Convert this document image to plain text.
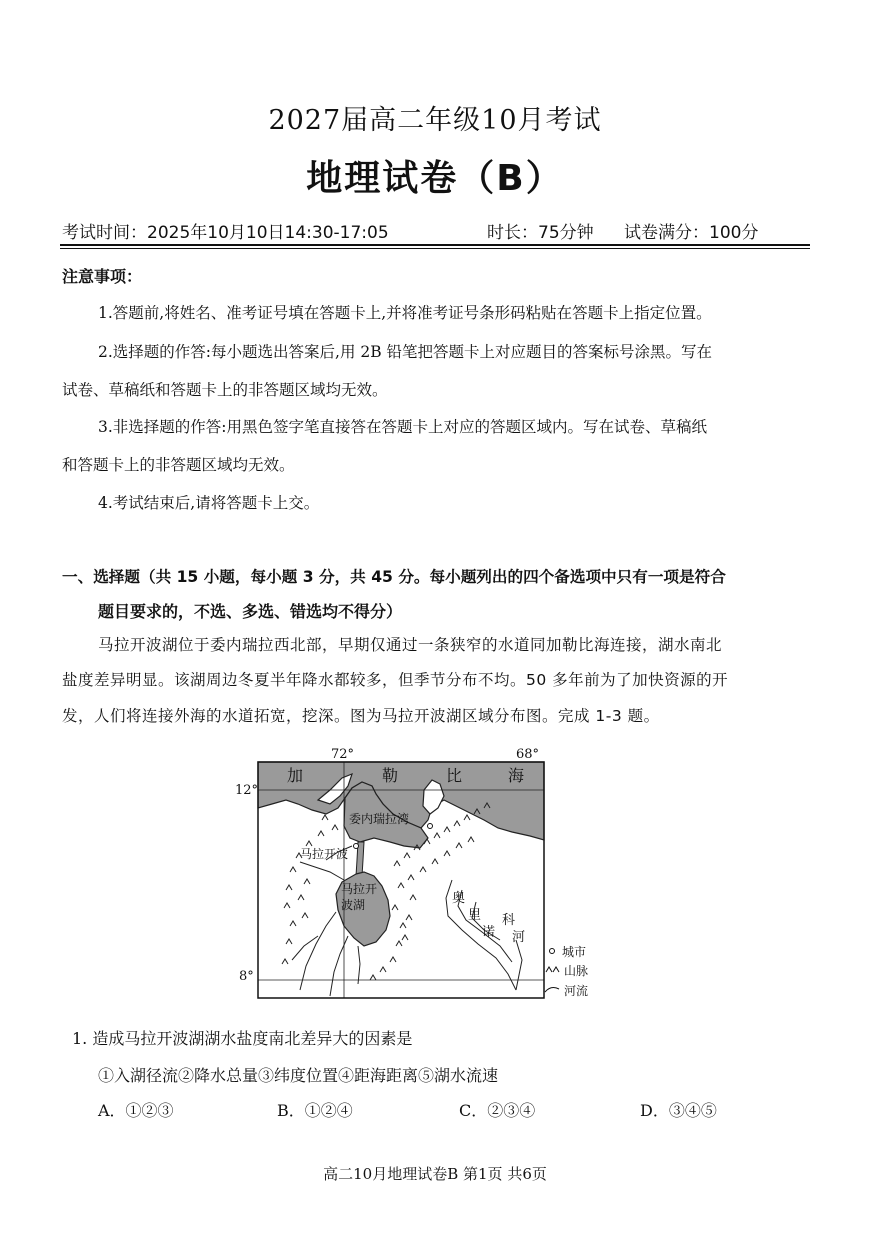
2027届高二年级10月考试
地理试卷（B）
考试时间：2025年10月10日14:30-17:05	时长：75分钟 试卷满分：100分
注意事项：
1.答题前,将姓名、准考证号填在答题卡上,并将准考证号条形码粘贴在答题卡上指定位置。
2.选择题的作答:每小题选出答案后,用 2B 铅笔把答题卡上对应题目的答案标号涂黑。写在
试卷、草稿纸和答题卡上的非答题区域均无效。
3.非选择题的作答:用黑色签字笔直接答在答题卡上对应的答题区域内。写在试卷、草稿纸
和答题卡上的非答题区域均无效。
4.考试结束后,请将答题卡上交。
一、选择题（共 15 小题，每小题 3 分，共 45 分。每小题列出的四个备选项中只有一项是符合
题目要求的，不选、多选、错选均不得分）
马拉开波湖位于委内瑞拉西北部，早期仅通过一条狭窄的水道同加勒比海连接，湖水南北
盐度差异明显。该湖周边冬夏半年降水都较多，但季节分布不均。50 多年前为了加快资源的开
发，人们将连接外海的水道拓宽，挖深。图为马拉开波湖区域分布图。完成 1-3 题。
72°	68°
12°
8°
加	勒	比	海
委内瑞拉湾
马拉开波
马拉开
波湖	奥
里
诺
科
河
城市
山脉
河流
1. 造成马拉开波湖湖水盐度南北差异大的因素是
①入湖径流②降水总量③纬度位置④距海距离⑤湖水流速
A．①②③	B．①②④	C．②③④	D．③④⑤
高二10月地理试卷B 第1页 共6页
